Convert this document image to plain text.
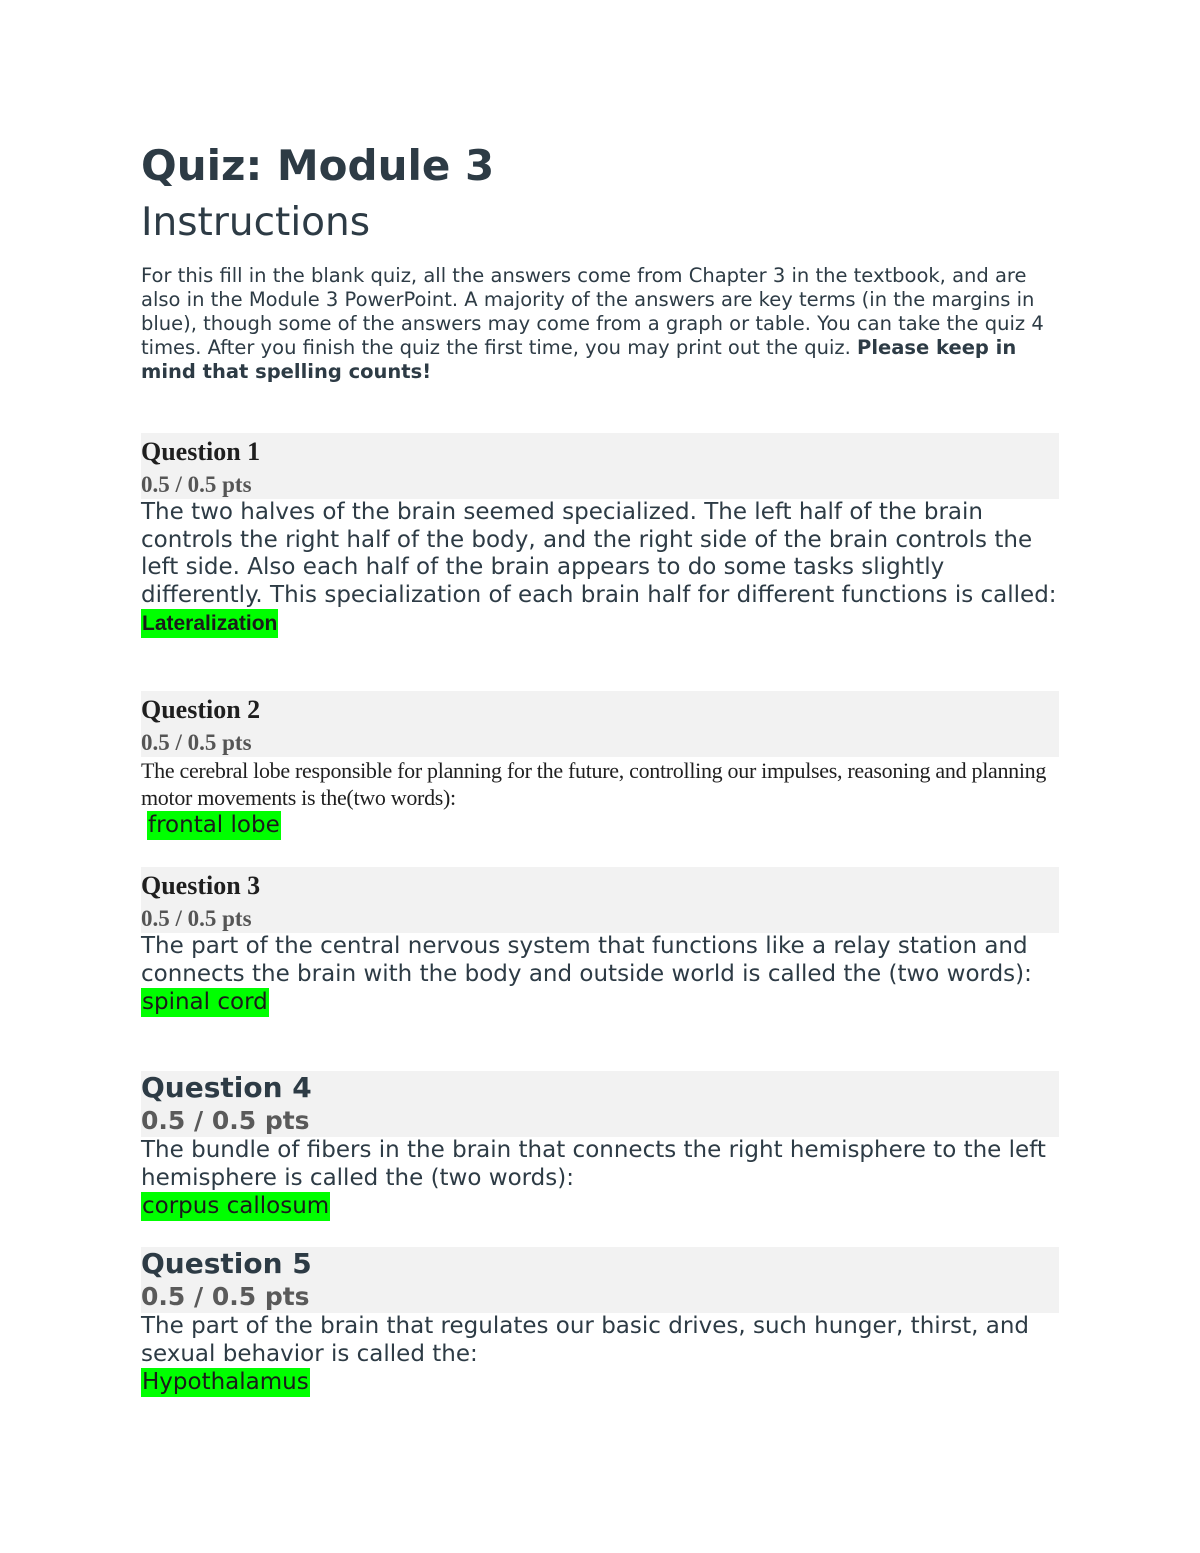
Quiz: Module 3
Instructions

For this fill in the blank quiz, all the answers come from Chapter 3 in the textbook, and are also in the Module 3 PowerPoint. A majority of the answers are key terms (in the margins in blue), though some of the answers may come from a graph or table. You can take the quiz 4 times. After you finish the quiz the first time, you may print out the quiz. Please keep in mind that spelling counts!

Question 1
0.5 / 0.5 pts

The two halves of the brain seemed specialized. The left half of the brain controls the right half of the body, and the right side of the brain controls the left side. Also each half of the brain appears to do some tasks slightly differently. This specialization of each brain half for different functions is called:

Lateralization
Question 2
0.5 / 0.5 pts

The cerebral lobe responsible for planning for the future, controlling our impulses, reasoning and planning motor movements is the(two words):

frontal lobe
Question 3
0.5 / 0.5 pts

The part of the central nervous system that functions like a relay station and connects the brain with the body and outside world is called the (two words):

spinal cord
Question 4
0.5 / 0.5 pts

The bundle of fibers in the brain that connects the right hemisphere to the left hemisphere is called the (two words):

corpus callosum
Question 5
0.5 / 0.5 pts

The part of the brain that regulates our basic drives, such hunger, thirst, and sexual behavior is called the:

Hypothalamus
